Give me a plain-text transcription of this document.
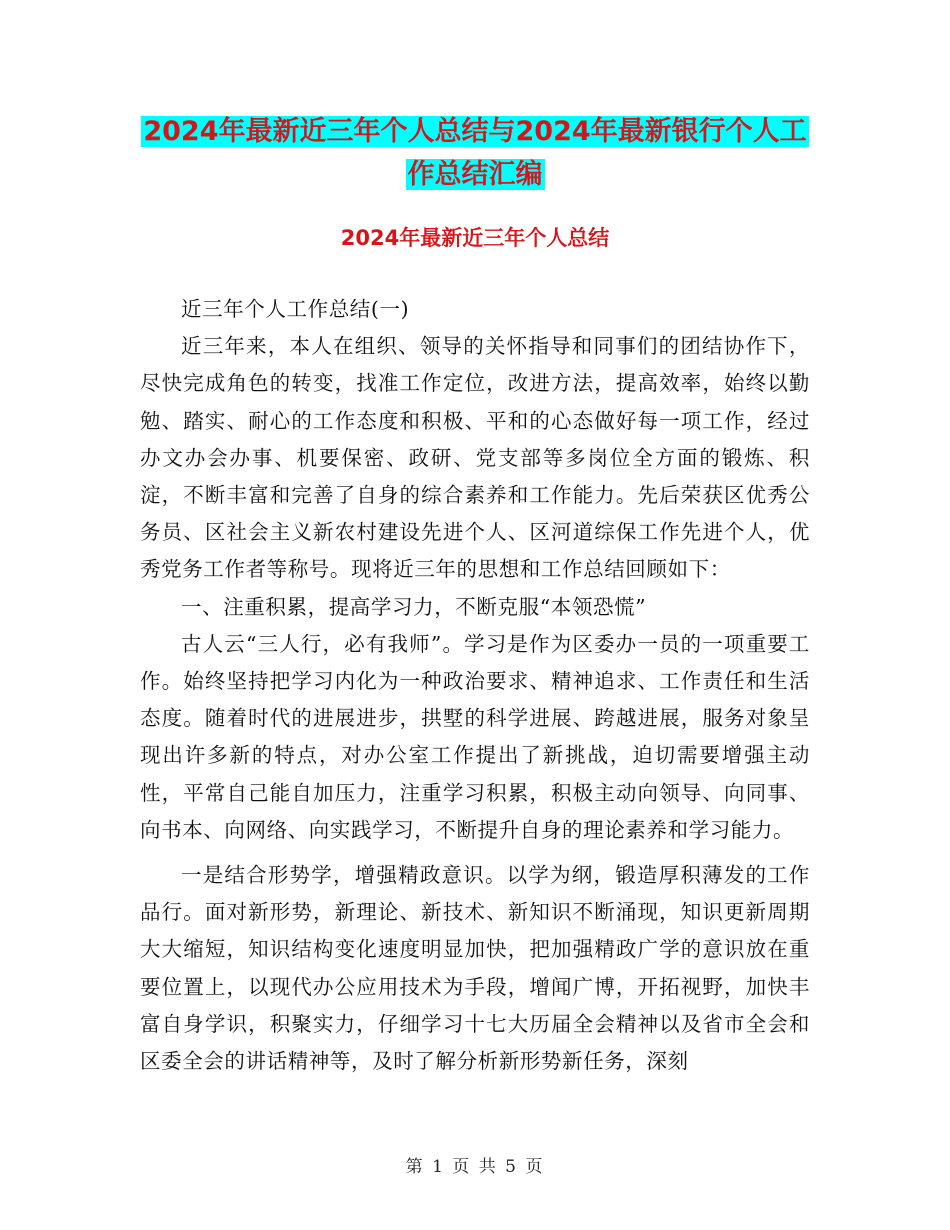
2024年最新近三年个人总结与2024年最新银行个人工
作总结汇编
2024年最新近三年个人总结

近三年个人工作总结(一)

近三年来，本人在组织、领导的关怀指导和同事们的团结协作下，尽快完成角色的转变，找准工作定位，改进方法，提高效率，始终以勤勉、踏实、耐心的工作态度和积极、平和的心态做好每一项工作，经过办文办会办事、机要保密、政研、党支部等多岗位全方面的锻炼、积淀，不断丰富和完善了自身的综合素养和工作能力。先后荣获区优秀公务员、区社会主义新农村建设先进个人、区河道综保工作先进个人，优秀党务工作者等称号。现将近三年的思想和工作总结回顾如下：

一、注重积累，提高学习力，不断克服“本领恐慌”

古人云“三人行，必有我师”。学习是作为区委办一员的一项重要工作。始终坚持把学习内化为一种政治要求、精神追求、工作责任和生活态度。随着时代的进展进步，拱墅的科学进展、跨越进展，服务对象呈现出许多新的特点，对办公室工作提出了新挑战，迫切需要增强主动性，平常自己能自加压力，注重学习积累，积极主动向领导、向同事、向书本、向网络、向实践学习，不断提升自身的理论素养和学习能力。

一是结合形势学，增强精政意识。以学为纲，锻造厚积薄发的工作品行。面对新形势，新理论、新技术、新知识不断涌现，知识更新周期大大缩短，知识结构变化速度明显加快，把加强精政广学的意识放在重要位置上，以现代办公应用技术为手段，增闻广博，开拓视野，加快丰富自身学识，积聚实力，仔细学习十七大历届全会精神以及省市全会和区委全会的讲话精神等，及时了解分析新形势新任务，深刻

第 1 页 共 5 页
